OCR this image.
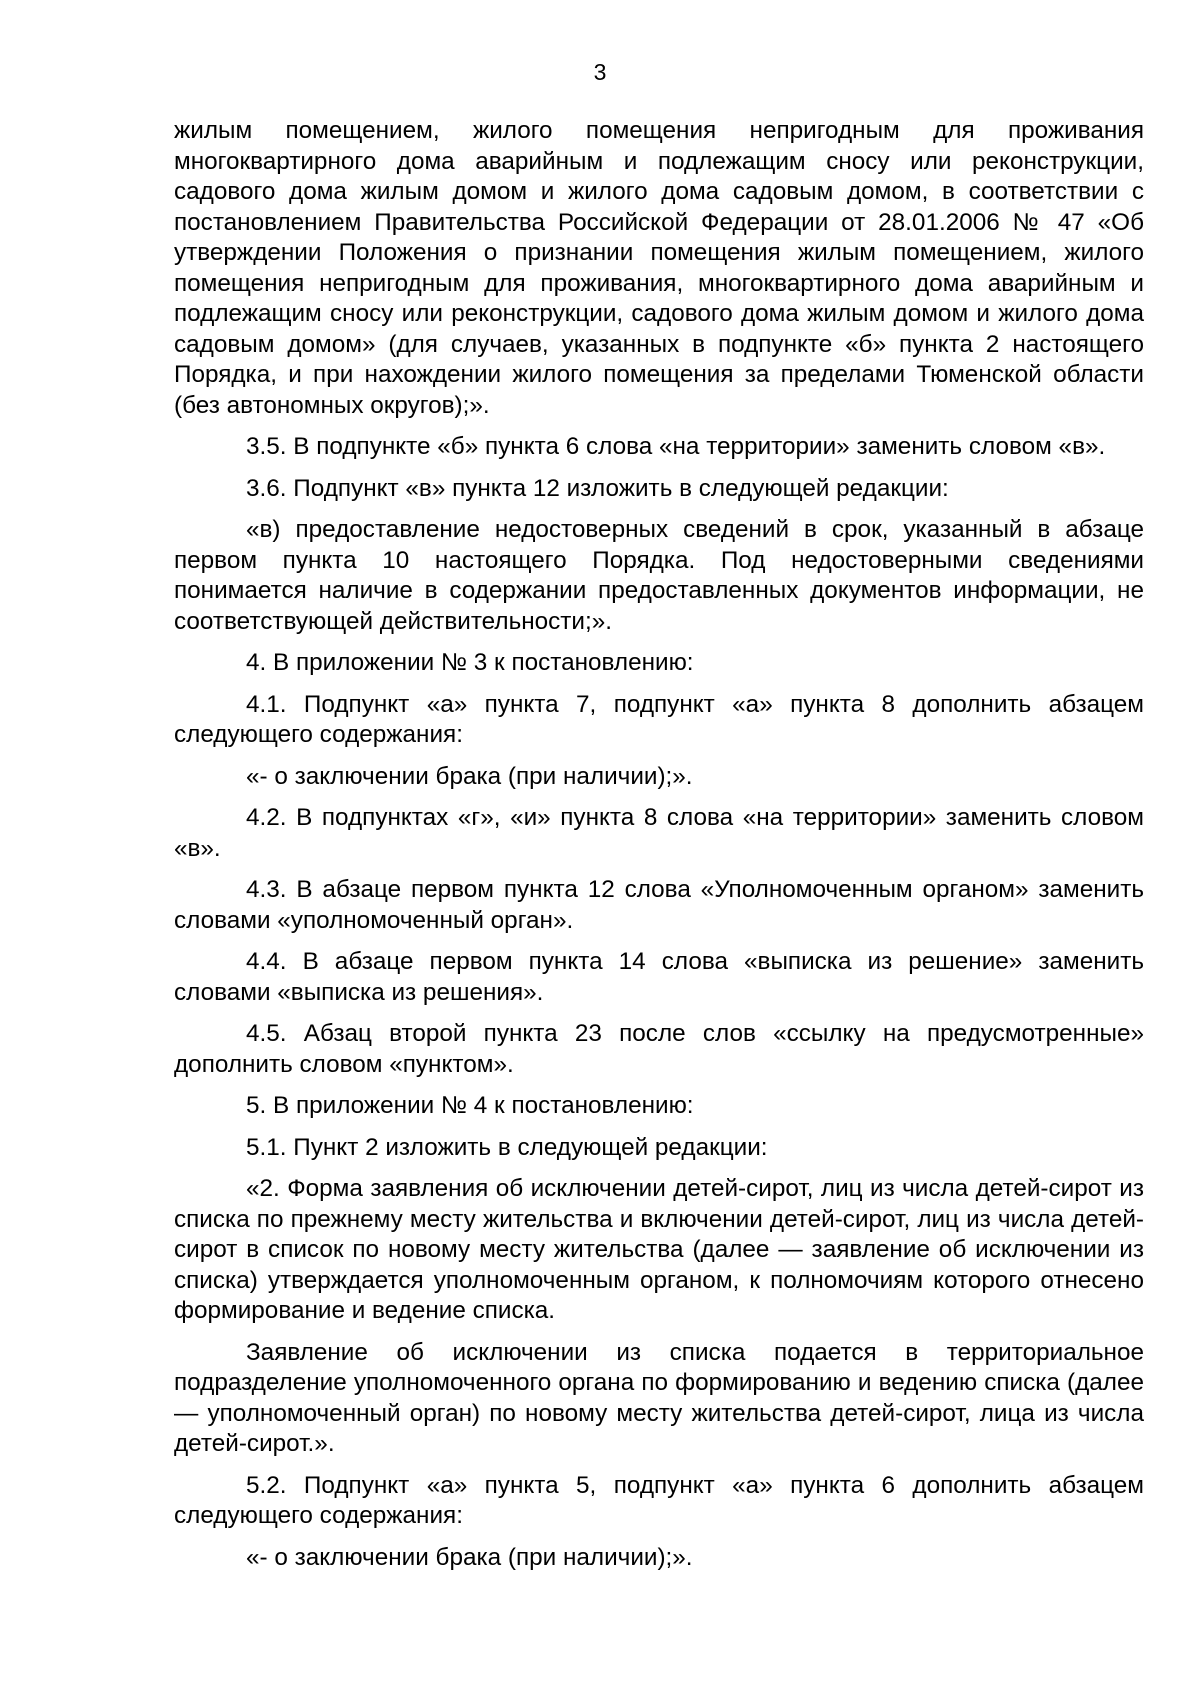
3

жилым помещением, жилого помещения непригодным для проживания многоквартирного дома аварийным и подлежащим сносу или реконструкции, садового дома жилым домом и жилого дома садовым домом, в соответствии с постановлением Правительства Российской Федерации от 28.01.2006 № 47 «Об утверждении Положения о признании помещения жилым помещением, жилого помещения непригодным для проживания, многоквартирного дома аварийным и подлежащим сносу или реконструкции, садового дома жилым домом и жилого дома садовым домом» (для случаев, указанных в подпункте «б» пункта 2 настоящего Порядка, и при нахождении жилого помещения за пределами Тюменской области (без автономных округов);».

3.5. В подпункте «б» пункта 6 слова «на территории» заменить словом «в».

3.6. Подпункт «в» пункта 12 изложить в следующей редакции:

«в) предоставление недостоверных сведений в срок, указанный в абзаце первом пункта 10 настоящего Порядка. Под недостоверными сведениями понимается наличие в содержании предоставленных документов информации, не соответствующей действительности;».

4. В приложении № 3 к постановлению:

4.1. Подпункт «а» пункта 7, подпункт «а» пункта 8 дополнить абзацем следующего содержания:

«- о заключении брака (при наличии);».

4.2. В подпунктах «г», «и» пункта 8 слова «на территории» заменить словом «в».

4.3. В абзаце первом пункта 12 слова «Уполномоченным органом» заменить словами «уполномоченный орган».

4.4. В абзаце первом пункта 14 слова «выписка из решение» заменить словами «выписка из решения».

4.5. Абзац второй пункта 23 после слов «ссылку на предусмотренные» дополнить словом «пунктом».

5. В приложении № 4 к постановлению:

5.1. Пункт 2 изложить в следующей редакции:

«2. Форма заявления об исключении детей-сирот, лиц из числа детей-сирот из списка по прежнему месту жительства и включении детей-сирот, лиц из числа детей-сирот в список по новому месту жительства (далее — заявление об исключении из списка) утверждается уполномоченным органом, к полномочиям которого отнесено формирование и ведение списка.

Заявление об исключении из списка подается в территориальное подразделение уполномоченного органа по формированию и ведению списка (далее — уполномоченный орган) по новому месту жительства детей-сирот, лица из числа детей-сирот.».

5.2. Подпункт «а» пункта 5, подпункт «а» пункта 6 дополнить абзацем следующего содержания:

«- о заключении брака (при наличии);».
